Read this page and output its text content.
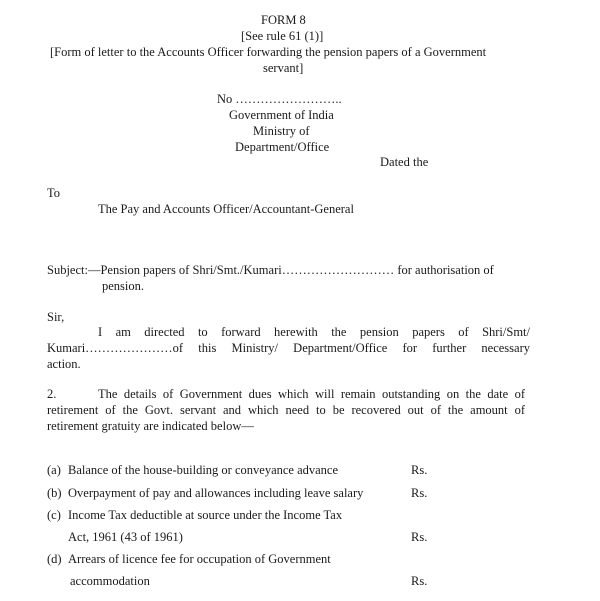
FORM 8
[See rule 61 (1)]
[Form of letter to the Accounts Officer forwarding the pension papers of a Government
servant]
No ……………………..
Government of India
Ministry of
Department/Office
Dated the
To
The Pay and Accounts Officer/Accountant-General
Subject:—Pension papers of Shri/Smt./Kumari……………………… for authorisation of
pension.
Sir,
I am directed to forward herewith the pension papers of Shri/Smt/
Kumari…………………of this Ministry/ Department/Office for further necessary
action.
2.	The details of Government dues which will remain outstanding on the date of
retirement of the Govt. servant and which need to be recovered out of the amount of
retirement gratuity are indicated below—
(a) Balance of the house-building or conveyance advance	Rs.
(b) Overpayment of pay and allowances including leave salary	Rs.
(c) Income Tax deductible at source under the Income Tax
Act, 1961 (43 of 1961)	Rs.
(d) Arrears of licence fee for occupation of Government
accommodation	Rs.
